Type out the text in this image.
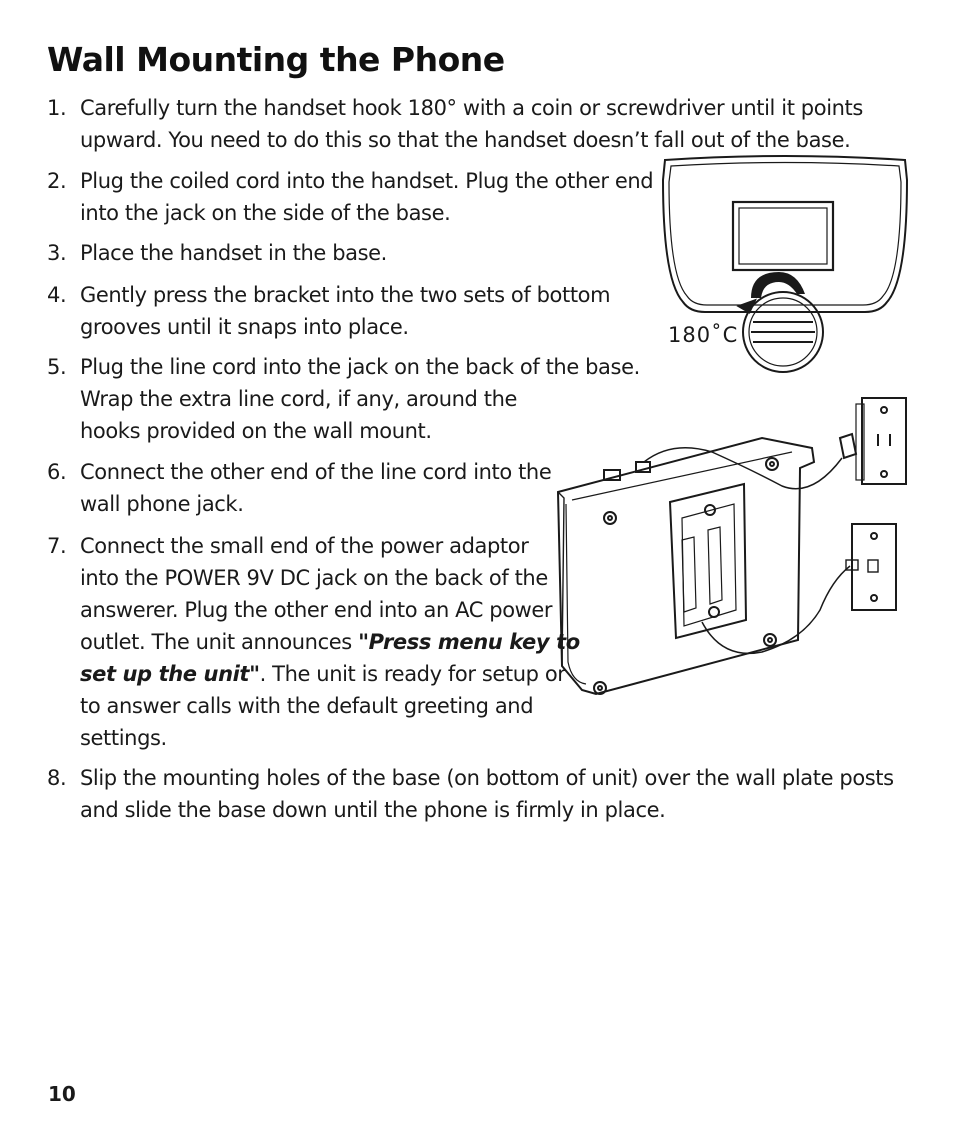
Wall Mounting the Phone
1. Carefully turn the handset hook 180° with a coin or screwdriver until it points
upward. You need to do this so that the handset doesn’t fall out of the base.
2. Plug the coiled cord into the handset. Plug the other end
into the jack on the side of the base.
3. Place the handset in the base.
4. Gently press the bracket into the two sets of bottom
grooves until it snaps into place.
5. Plug the line cord into the jack on the back of the base.
Wrap the extra line cord, if any, around the
hooks provided on the wall mount.
6. Connect the other end of the line cord into the
wall phone jack.
7. Connect the small end of the power adaptor
into the POWER 9V DC jack on the back of the
answerer. Plug the other end into an AC power
outlet. The unit announces "Press menu key to
set up the unit". The unit is ready for setup or
to answer calls with the default greeting and
settings.
8. Slip the mounting holes of the base (on bottom of unit) over the wall plate posts
and slide the base down until the phone is firmly in place.
180˚C
10
